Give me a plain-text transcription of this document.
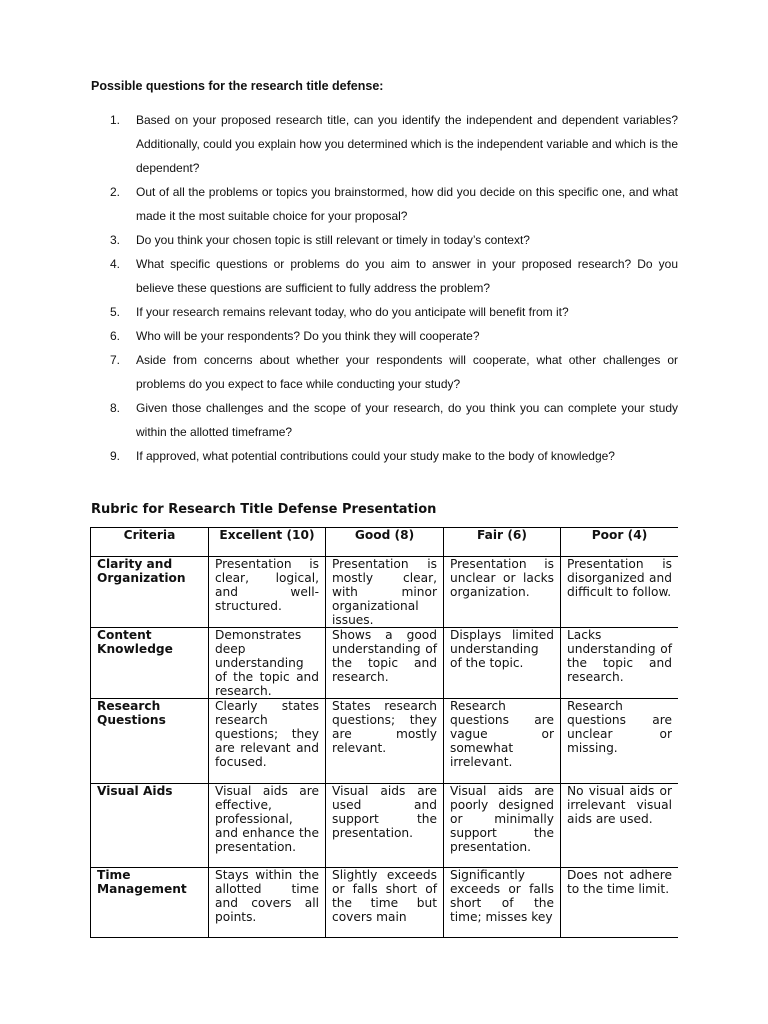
Possible questions for the research title defense:

1. Based on your proposed research title, can you identify the independent and dependent variables? Additionally, could you explain how you determined which is the independent variable and which is the dependent?
2. Out of all the problems or topics you brainstormed, how did you decide on this specific one, and what made it the most suitable choice for your proposal?
3. Do you think your chosen topic is still relevant or timely in today’s context?
4. What specific questions or problems do you aim to answer in your proposed research? Do you believe these questions are sufficient to fully address the problem?
5. If your research remains relevant today, who do you anticipate will benefit from it?
6. Who will be your respondents? Do you think they will cooperate?
7. Aside from concerns about whether your respondents will cooperate, what other challenges or problems do you expect to face while conducting your study?
8. Given those challenges and the scope of your research, do you think you can complete your study within the allotted timeframe?
9. If approved, what potential contributions could your study make to the body of knowledge?

Rubric for Research Title Defense Presentation

Criteria	Excellent (10)	Good (8)	Fair (6)	Poor (4)
Clarity and Organization	Presentation is clear, logical, and well-structured.	Presentation is mostly clear, with minor organizational issues.	Presentation is unclear or lacks organization.	Presentation is disorganized and difficult to follow.
Content Knowledge	Demonstrates deep understanding of the topic and research.	Shows a good understanding of the topic and research.	Displays limited understanding of the topic.	Lacks understanding of the topic and research.
Research Questions	Clearly states research questions; they are relevant and focused.	States research questions; they are mostly relevant.	Research questions are vague or somewhat irrelevant.	Research questions are unclear or missing.
Visual Aids	Visual aids are effective, professional, and enhance the presentation.	Visual aids are used and support the presentation.	Visual aids are poorly designed or minimally support the presentation.	No visual aids or irrelevant visual aids are used.
Time Management	Stays within the allotted time and covers all points.	Slightly exceeds or falls short of the time but covers main	Significantly exceeds or falls short of the time; misses key	Does not adhere to the time limit.
